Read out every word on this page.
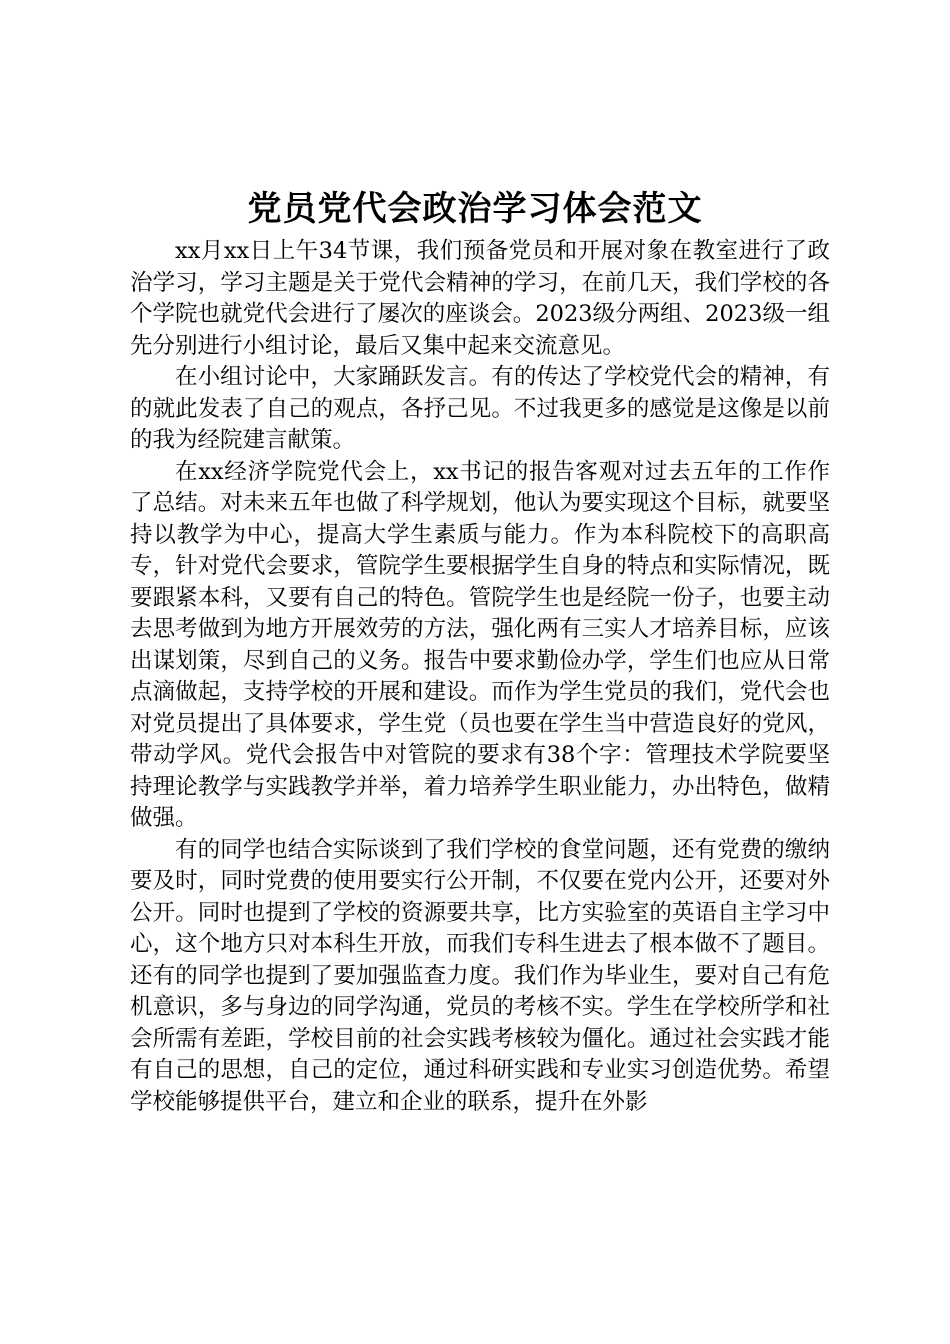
党员党代会政治学习体会范文

xx月xx日上午34节课，我们预备党员和开展对象在教室进行了政治学习，学习主题是关于党代会精神的学习，在前几天，我们学校的各个学院也就党代会进行了屡次的座谈会。2023级分两组、2023级一组先分别进行小组讨论，最后又集中起来交流意见。

在小组讨论中，大家踊跃发言。有的传达了学校党代会的精神，有的就此发表了自己的观点，各抒己见。不过我更多的感觉是这像是以前的我为经院建言献策。

在xx经济学院党代会上，xx书记的报告客观对过去五年的工作作了总结。对未来五年也做了科学规划，他认为要实现这个目标，就要坚持以教学为中心，提高大学生素质与能力。作为本科院校下的高职高专，针对党代会要求，管院学生要根据学生自身的特点和实际情况，既要跟紧本科，又要有自己的特色。管院学生也是经院一份子，也要主动去思考做到为地方开展效劳的方法，强化两有三实人才培养目标，应该出谋划策，尽到自己的义务。报告中要求勤俭办学，学生们也应从日常点滴做起，支持学校的开展和建设。而作为学生党员的我们，党代会也对党员提出了具体要求，学生党（员也要在学生当中营造良好的党风，带动学风。党代会报告中对管院的要求有38个字：管理技术学院要坚持理论教学与实践教学并举，着力培养学生职业能力，办出特色，做精做强。

有的同学也结合实际谈到了我们学校的食堂问题，还有党费的缴纳要及时，同时党费的使用要实行公开制，不仅要在党内公开，还要对外公开。同时也提到了学校的资源要共享，比方实验室的英语自主学习中心，这个地方只对本科生开放，而我们专科生进去了根本做不了题目。还有的同学也提到了要加强监查力度。我们作为毕业生，要对自己有危机意识，多与身边的同学沟通，党员的考核不实。学生在学校所学和社会所需有差距，学校目前的社会实践考核较为僵化。通过社会实践才能有自己的思想，自己的定位，通过科研实践和专业实习创造优势。希望学校能够提供平台，建立和企业的联系，提升在外影
